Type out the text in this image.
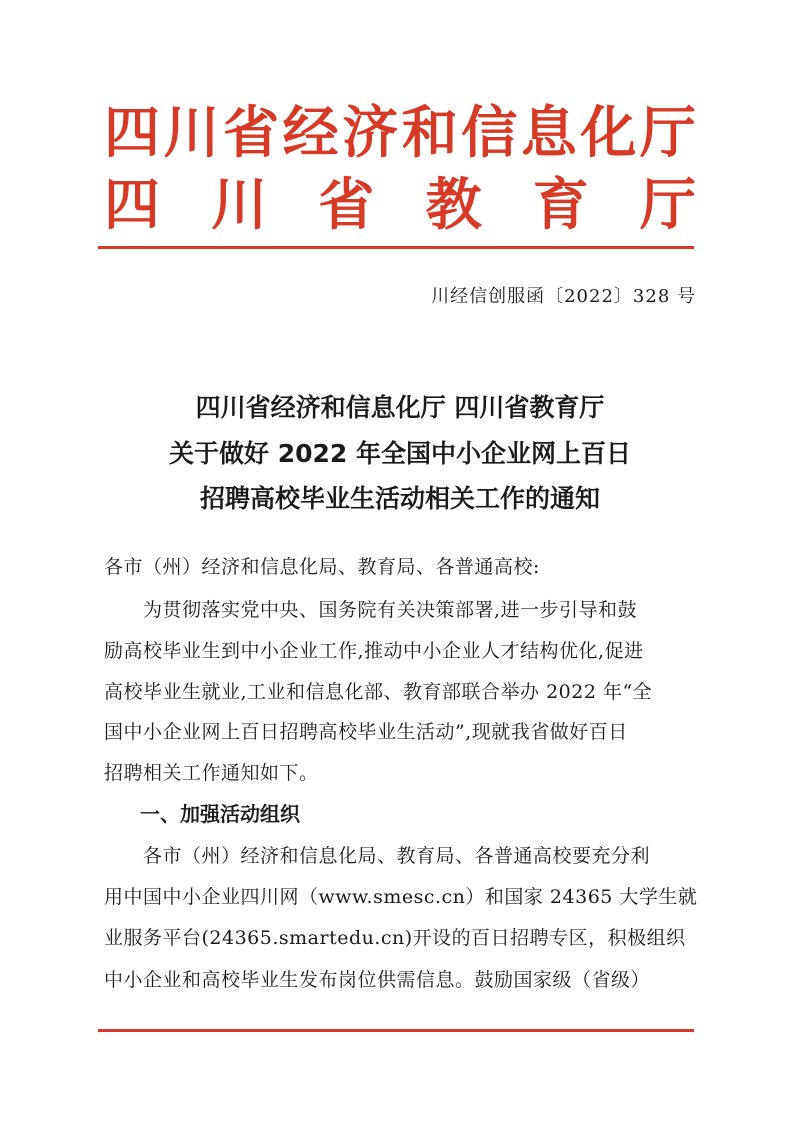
四 川 省 经 济 和 信 息 化 厅
四 川 省 教 育 厅
川经信创服函〔2022〕328 号
四川省经济和信息化厅 四川省教育厅
关于做好 2022 年全国中小企业网上百日
招聘高校毕业生活动相关工作的通知
各市（州）经济和信息化局、教育局、各普通高校:
　　为贯彻落实党中央、国务院有关决策部署,进一步引导和鼓
励高校毕业生到中小企业工作,推动中小企业人才结构优化,促进
高校毕业生就业,工业和信息化部、教育部联合举办 2022 年“全
国中小企业网上百日招聘高校毕业生活动”,现就我省做好百日
招聘相关工作通知如下。
一、加强活动组织
　　各市（州）经济和信息化局、教育局、各普通高校要充分利
用中国中小企业四川网（www.smesc.cn）和国家 24365 大学生就
业服务平台(24365.smartedu.cn)开设的百日招聘专区，积极组织
中小企业和高校毕业生发布岗位供需信息。鼓励国家级（省级）
